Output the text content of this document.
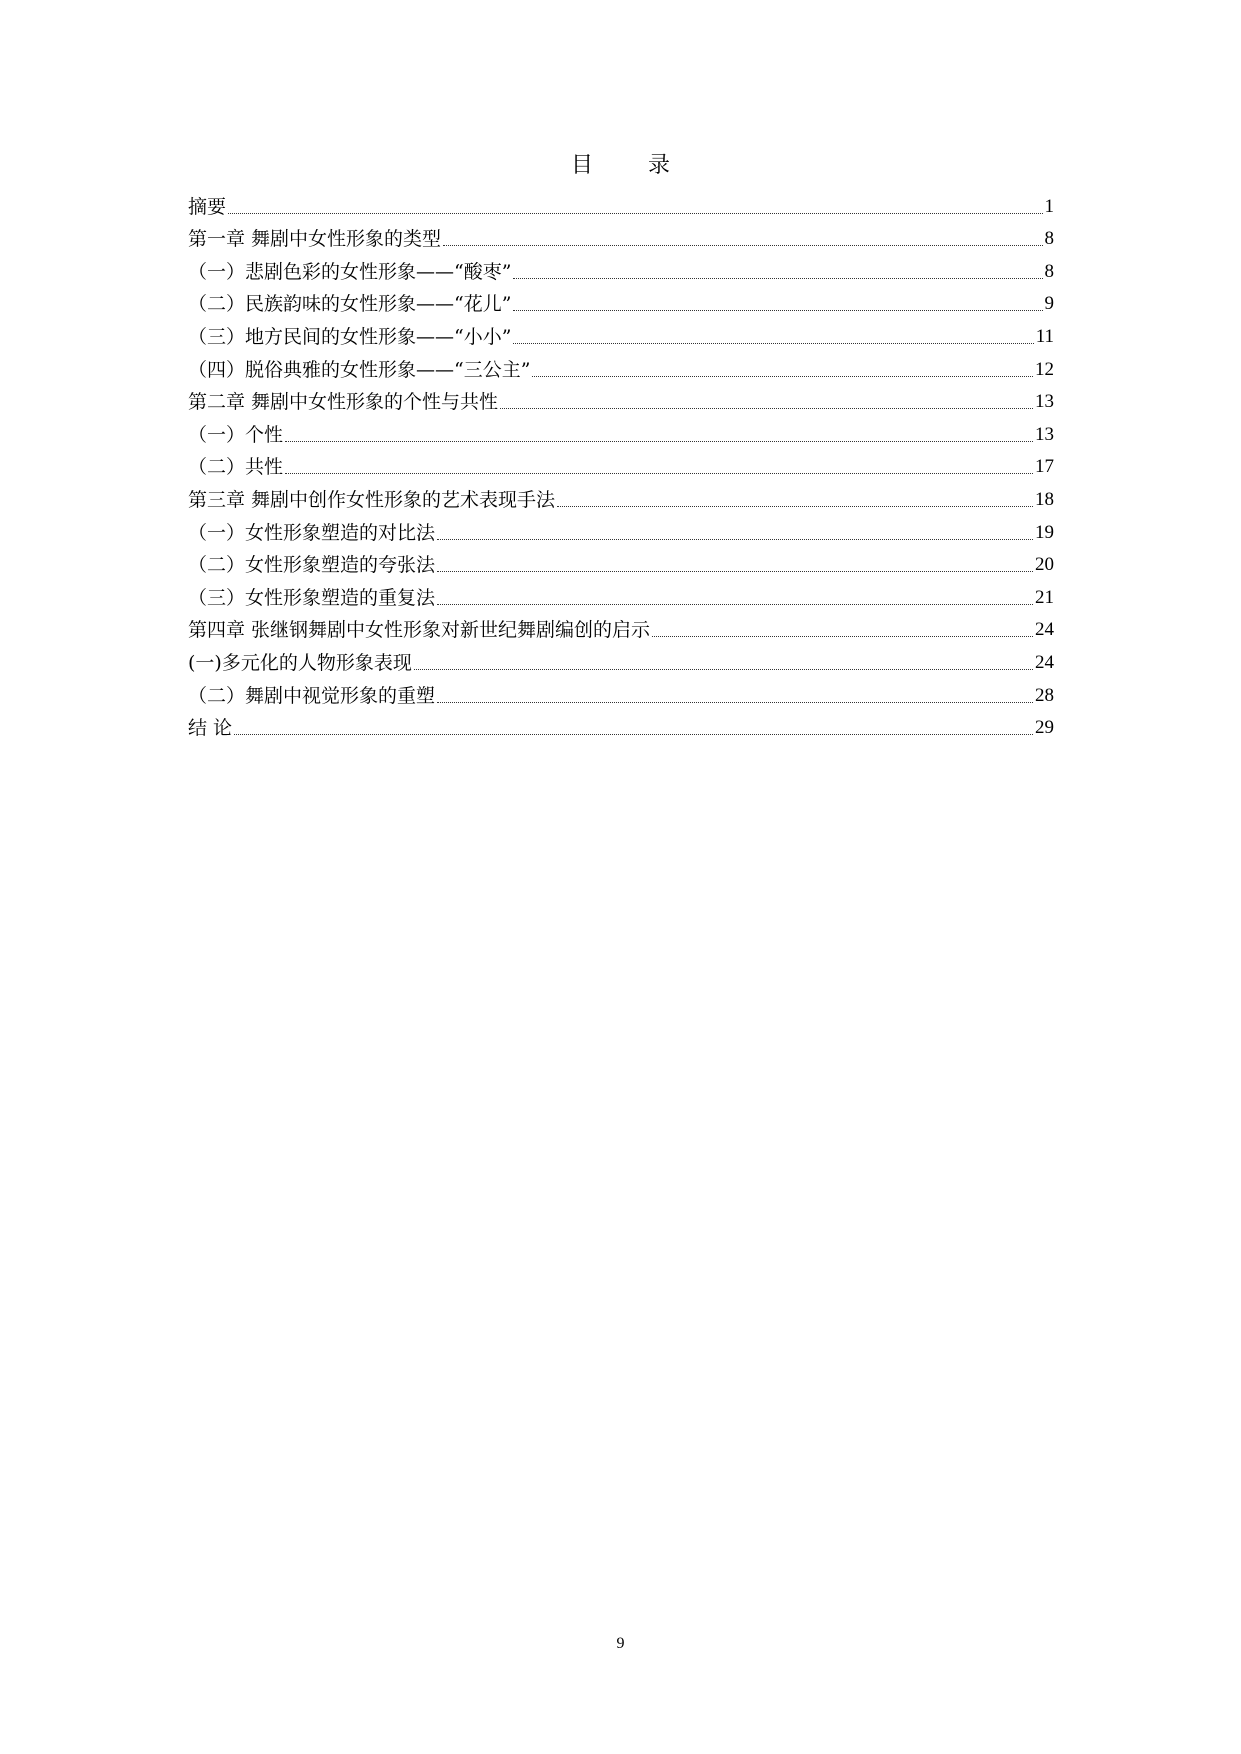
目 录
摘要	1
第一章 舞剧中女性形象的类型	8
（一）悲剧色彩的女性形象——“酸枣”	8
（二）民族韵味的女性形象——“花儿”	9
（三）地方民间的女性形象——“小小”	11
（四）脱俗典雅的女性形象——“三公主”	12
第二章 舞剧中女性形象的个性与共性	13
（一）个性	13
（二）共性	17
第三章 舞剧中创作女性形象的艺术表现手法	18
（一）女性形象塑造的对比法	19
（二）女性形象塑造的夸张法	20
（三）女性形象塑造的重复法	21
第四章 张继钢舞剧中女性形象对新世纪舞剧编创的启示	24
(一)多元化的人物形象表现	24
（二）舞剧中视觉形象的重塑	28
结 论	29
9
